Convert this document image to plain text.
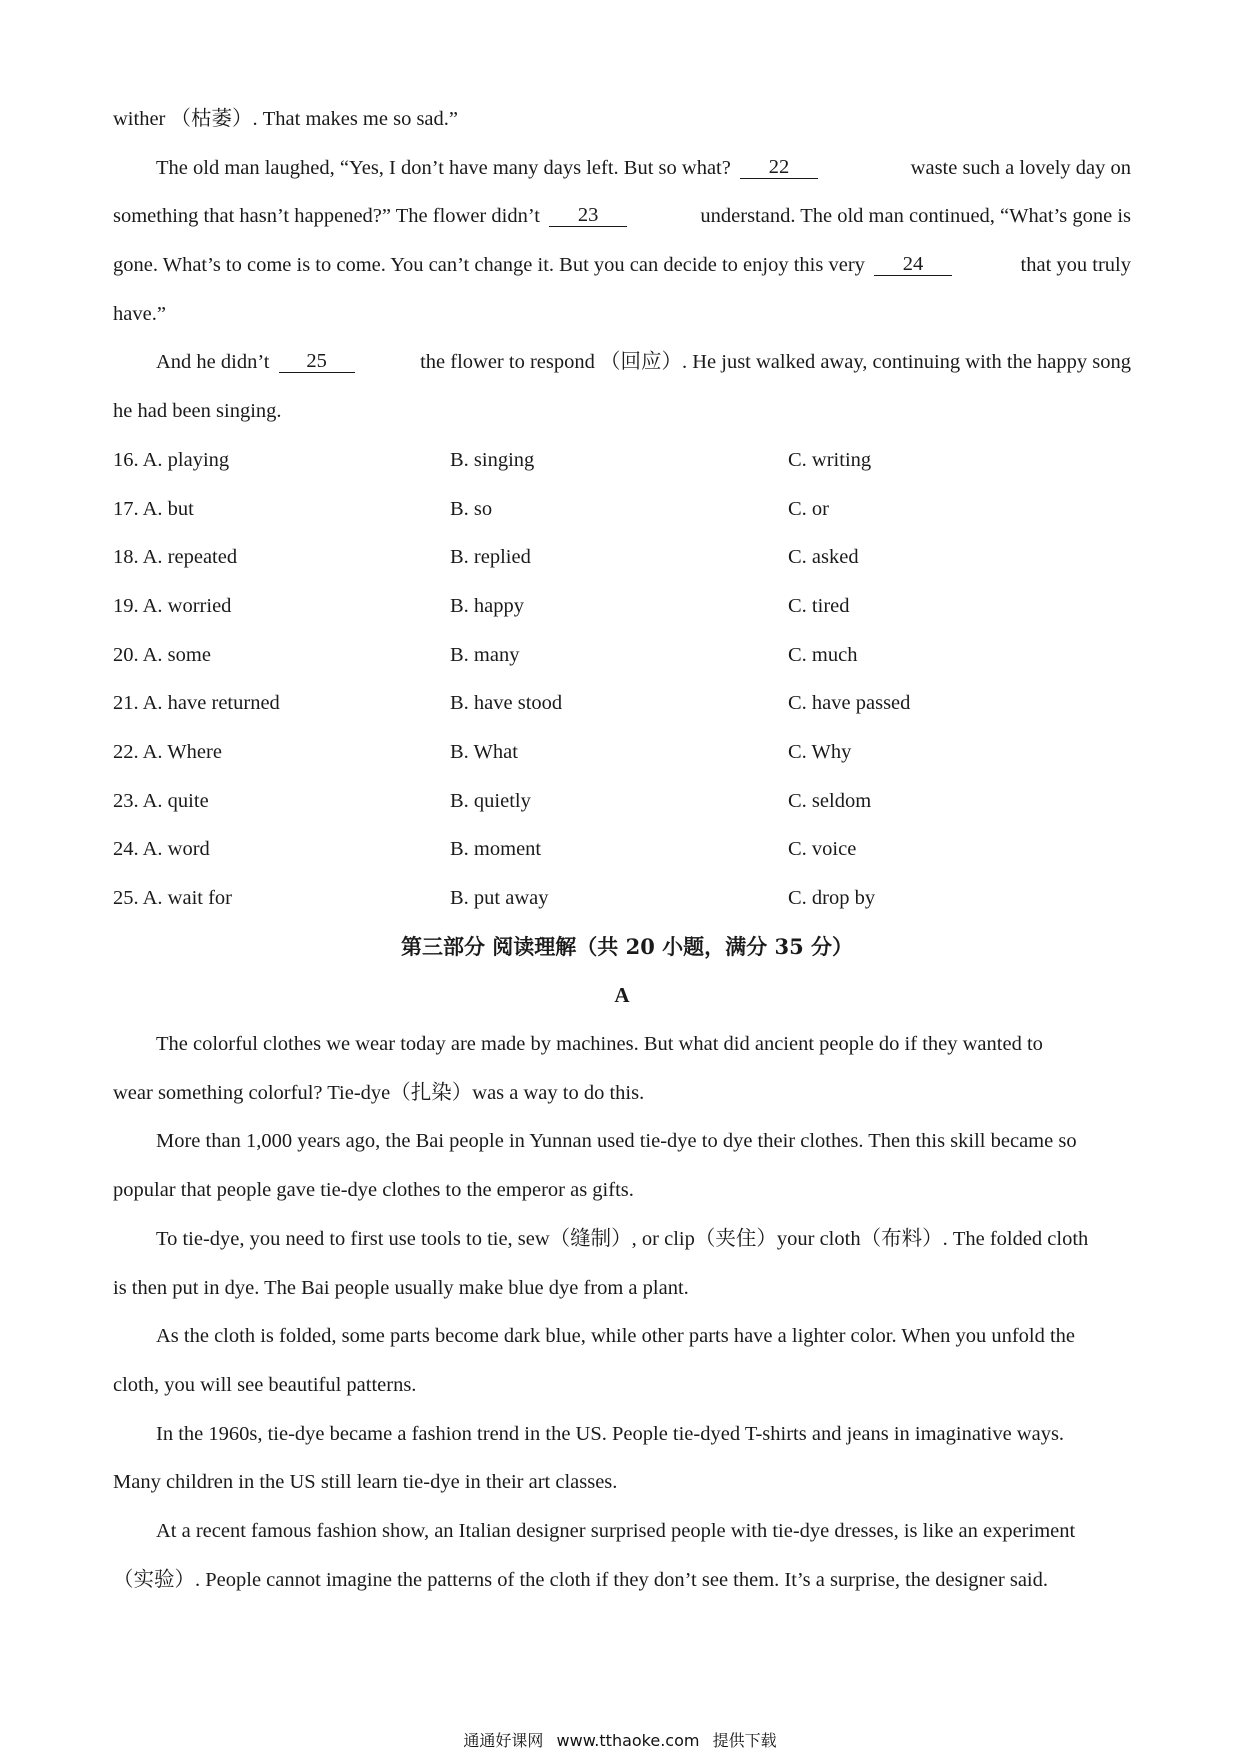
wither （枯萎）. That makes me so sad.”
The old man laughed, “Yes, I don’t have many days left. But so what? 22	waste such a lovely day on
something that hasn’t happened?” The flower didn’t 23	understand. The old man continued, “What’s gone is
gone. What’s to come is to come. You can’t change it. But you can decide to enjoy this very 24	that you truly
have.”
And he didn’t 25	the flower to respond （回应）. He just walked away, continuing with the happy song
he had been singing.
16. A. playing	B. singing	C. writing
17. A. but	B. so	C. or
18. A. repeated	B. replied	C. asked
19. A. worried	B. happy	C. tired
20. A. some	B. many	C. much
21. A. have returned	B. have stood	C. have passed
22. A. Where	B. What	C. Why
23. A. quite	B. quietly	C. seldom
24. A. word	B. moment	C. voice
25. A. wait for	B. put away	C. drop by
第三部分 阅读理解（共 20 小题，满分 35 分）
A
The colorful clothes we wear today are made by machines. But what did ancient people do if they wanted to
wear something colorful? Tie-dye（扎染）was a way to do this.
More than 1,000 years ago, the Bai people in Yunnan used tie-dye to dye their clothes. Then this skill became so
popular that people gave tie-dye clothes to the emperor as gifts.
To tie-dye, you need to first use tools to tie, sew（缝制）, or clip（夹住）your cloth（布料）. The folded cloth
is then put in dye. The Bai people usually make blue dye from a plant.
As the cloth is folded, some parts become dark blue, while other parts have a lighter color. When you unfold the
cloth, you will see beautiful patterns.
In the 1960s, tie-dye became a fashion trend in the US. People tie-dyed T-shirts and jeans in imaginative ways.
Many children in the US still learn tie-dye in their art classes.
At a recent famous fashion show, an Italian designer surprised people with tie-dye dresses, is like an experiment
（实验）. People cannot imagine the patterns of the cloth if they don’t see them. It’s a surprise, the designer said.
通通好课网 www.tthaoke.com 提供下载
